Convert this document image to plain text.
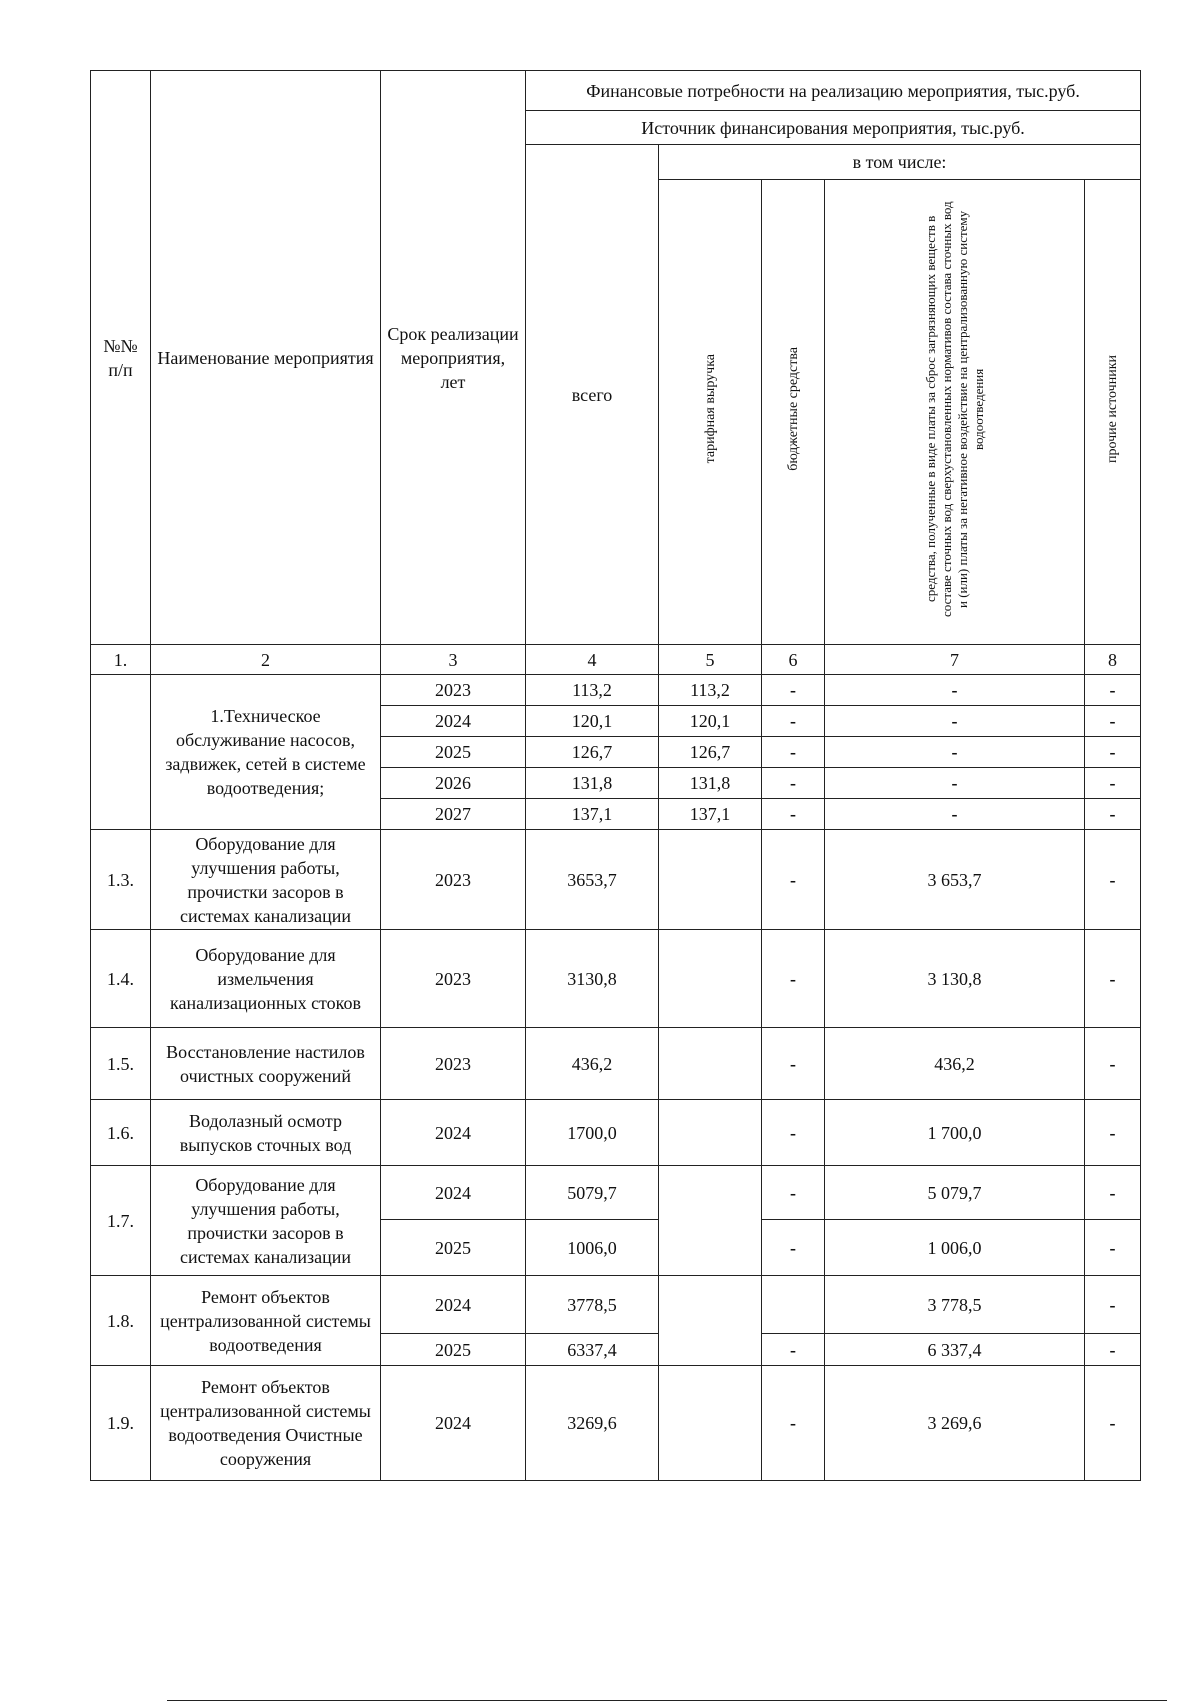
№№ п/п	Наименование мероприятия	Срок реализации мероприятия, лет	Финансовые потребности на реализацию мероприятия, тыс.руб.				
			Источник финансирования мероприятия, тыс.руб.				
			всего	в том числе:			
				тарифная выручка	бюджетные средства	средства, полученные в виде платы за сброс загрязняющих веществ в составе сточных вод сверхустановленных нормативов состава сточных вод и (или) платы за негативное воздействие на централизованную систему водоотведения	прочие источники
1.	2	3	4	5	6	7	8
	1.Техническое обслуживание насосов, задвижек, сетей в системе водоотведения;	2023	113,2	113,2	-	-	-
		2024	120,1	120,1	-	-	-
		2025	126,7	126,7	-	-	-
		2026	131,8	131,8	-	-	-
		2027	137,1	137,1	-	-	-
1.3.	Оборудование для улучшения работы, прочистки засоров в системах канализации	2023	3653,7		-	3 653,7	-
1.4.	Оборудование для измельчения канализационных стоков	2023	3130,8		-	3 130,8	-
1.5.	Восстановление настилов очистных сооружений	2023	436,2		-	436,2	-
1.6.	Водолазный осмотр выпусков сточных вод	2024	1700,0		-	1 700,0	-
1.7.	Оборудование для улучшения работы, прочистки засоров в системах канализации	2024	5079,7		-	5 079,7	-
		2025	1006,0		-	1 006,0	-
1.8.	Ремонт объектов централизованной системы водоотведения	2024	3778,5			3 778,5	-
		2025	6337,4		-	6 337,4	-
1.9.	Ремонт объектов централизованной системы водоотведения Очистные сооружения	2024	3269,6		-	3 269,6	-
